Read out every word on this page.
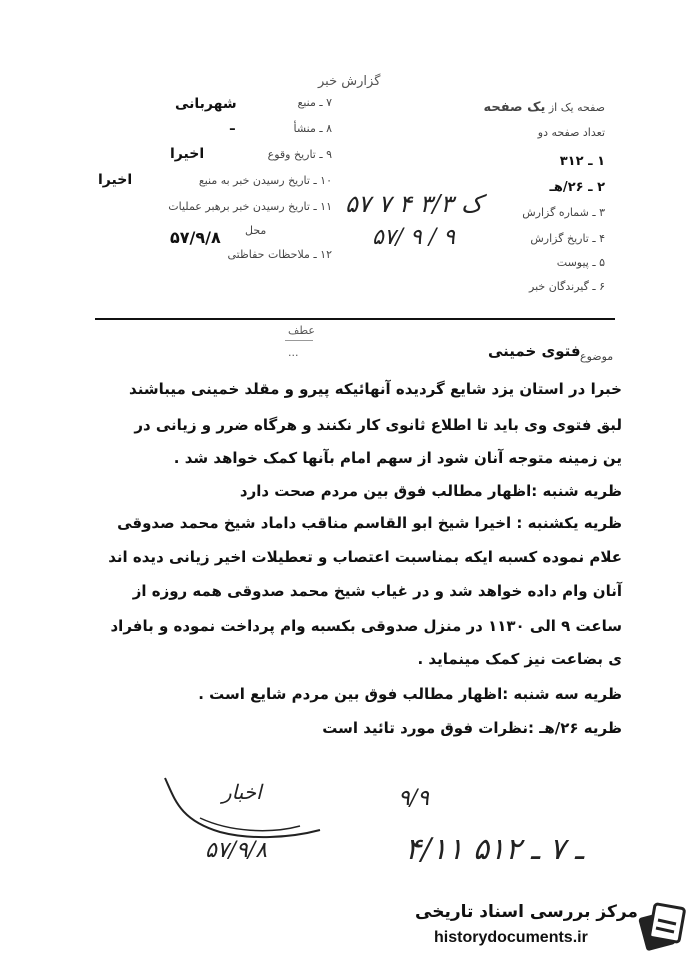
گزارش خبر
۷ ـ منبع
شهربانی
۸ ـ منشأ
ـ
۹ ـ تاریخ وقوع
اخیرا
۱۰ ـ تاریخ رسیدن خبر به منبع
اخیرا
۱۱ ـ تاریخ رسیدن خبر برهبر عملیات
محل
۵۷/۹/۸
۱۲ ـ ملاحظات حفاظتی
صفحه یک از یک صفحه
تعداد صفحه دو
۱ ـ ۳۱۲
۲ ـ ۲۶/هـ
۳ ـ شماره گزارش
۴ ـ تاریخ گزارش
۵ ـ پیوست
۶ ـ گیرندگان خبر
۵۷ ۷ ۴ ۳/۳ ک
۵۷/ ۹ / ۹
موضوع
فتوی خمینی
عطف
...
خبرا در استان یزد شایع گردیده آنهائیکه پیرو و مقلد خمینی میباشند
لبق فتوی وی باید تا اطلاع ثانوی کار نکنند و هرگاه ضرر و زیانی در
ین زمینه متوجه آنان شود از سهم امام بآنها کمک خواهد شد .
ظریه شنبه :اظهار مطالب فوق بین مردم صحت دارد
ظریه یکشنبه : اخیرا شیخ ابو القاسم مناقب داماد شیخ محمد صدوقی
علام نموده کسبه ایکه بمناسبت اعتصاب و تعطیلات اخیر زیانی دیده اند
آنان وام داده خواهد شد و در غیاب شیخ محمد صدوقی همه روزه از
ساعت ۹ الی ۱۱۳۰ در منزل صدوقی بکسبه وام پرداخت نموده و بافراد
ی بضاعت نیز کمک مینماید .
ظریه سه شنبه :اظهار مطالب فوق بین مردم شایع است .
ظریه ۲۶/هـ :نظرات فوق مورد تائید است
اخبار	۹/۹
۵۷/۹/۸	۴/۱۱ ـ ۷ ـ ۵۱۲
مرکز بررسی اسناد تاریخی
historydocuments.ir
